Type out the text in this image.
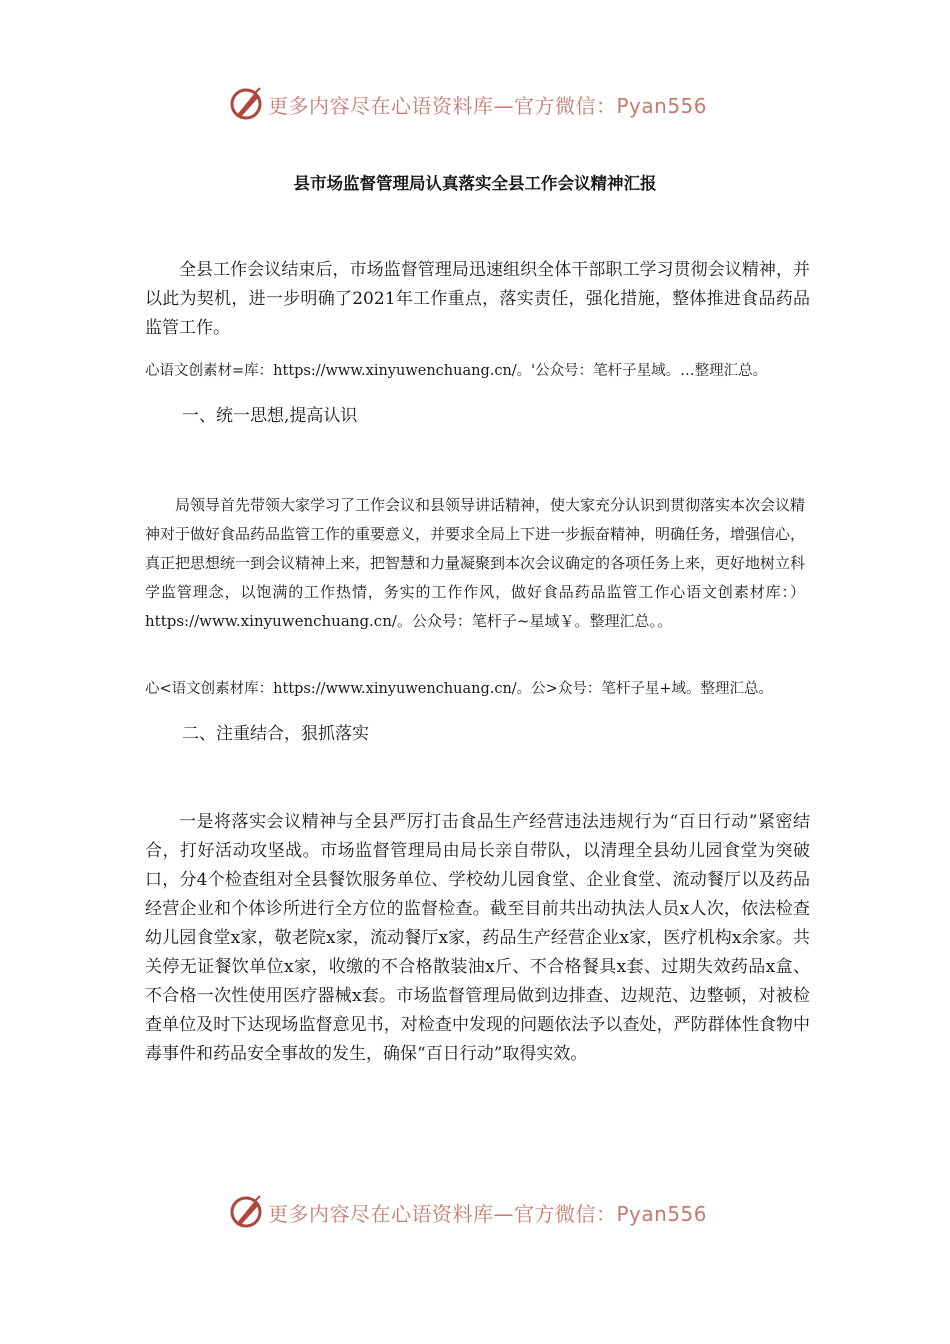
更多内容尽在心语资料库—官方微信：Pyan556
县市场监督管理局认真落实全县工作会议精神汇报

全县工作会议结束后，市场监督管理局迅速组织全体干部职工学习贯彻会议精神，并以此为契机，进一步明确了2021年工作重点，落实责任，强化措施，整体推进食品药品监管工作。

心语文创素材=库：https://www.xinyuwenchuang.cn/。'公众号：笔杆子星域。…整理汇总。

一、统一思想,提高认识

局领导首先带领大家学习了工作会议和县领导讲话精神，使大家充分认识到贯彻落实本次会议精神对于做好食品药品监管工作的重要意义，并要求全局上下进一步振奋精神，明确任务，增强信心，真正把思想统一到会议精神上来，把智慧和力量凝聚到本次会议确定的各项任务上来，更好地树立科学监管理念，以饱满的工作热情，务实的工作作风，做好食品药品监管工作心语文创素材库：）https://www.xinyuwenchuang.cn/。公众号：笔杆子~星域￥。整理汇总。。

心<语文创素材库：https://www.xinyuwenchuang.cn/。公>众号：笔杆子星+域。整理汇总。

二、注重结合，狠抓落实

一是将落实会议精神与全县严厉打击食品生产经营违法违规行为“百日行动”紧密结合，打好活动攻坚战。市场监督管理局由局长亲自带队，以清理全县幼儿园食堂为突破口，分4个检查组对全县餐饮服务单位、学校幼儿园食堂、企业食堂、流动餐厅以及药品经营企业和个体诊所进行全方位的监督检查。截至目前共出动执法人员x人次，依法检查幼儿园食堂x家，敬老院x家，流动餐厅x家，药品生产经营企业x家，医疗机构x余家。共关停无证餐饮单位x家，收缴的不合格散装油x斤、不合格餐具x套、过期失效药品x盒、不合格一次性使用医疗器械x套。市场监督管理局做到边排查、边规范、边整顿，对被检查单位及时下达现场监督意见书，对检查中发现的问题依法予以查处，严防群体性食物中毒事件和药品安全事故的发生，确保“百日行动”取得实效。

更多内容尽在心语资料库—官方微信：Pyan556
